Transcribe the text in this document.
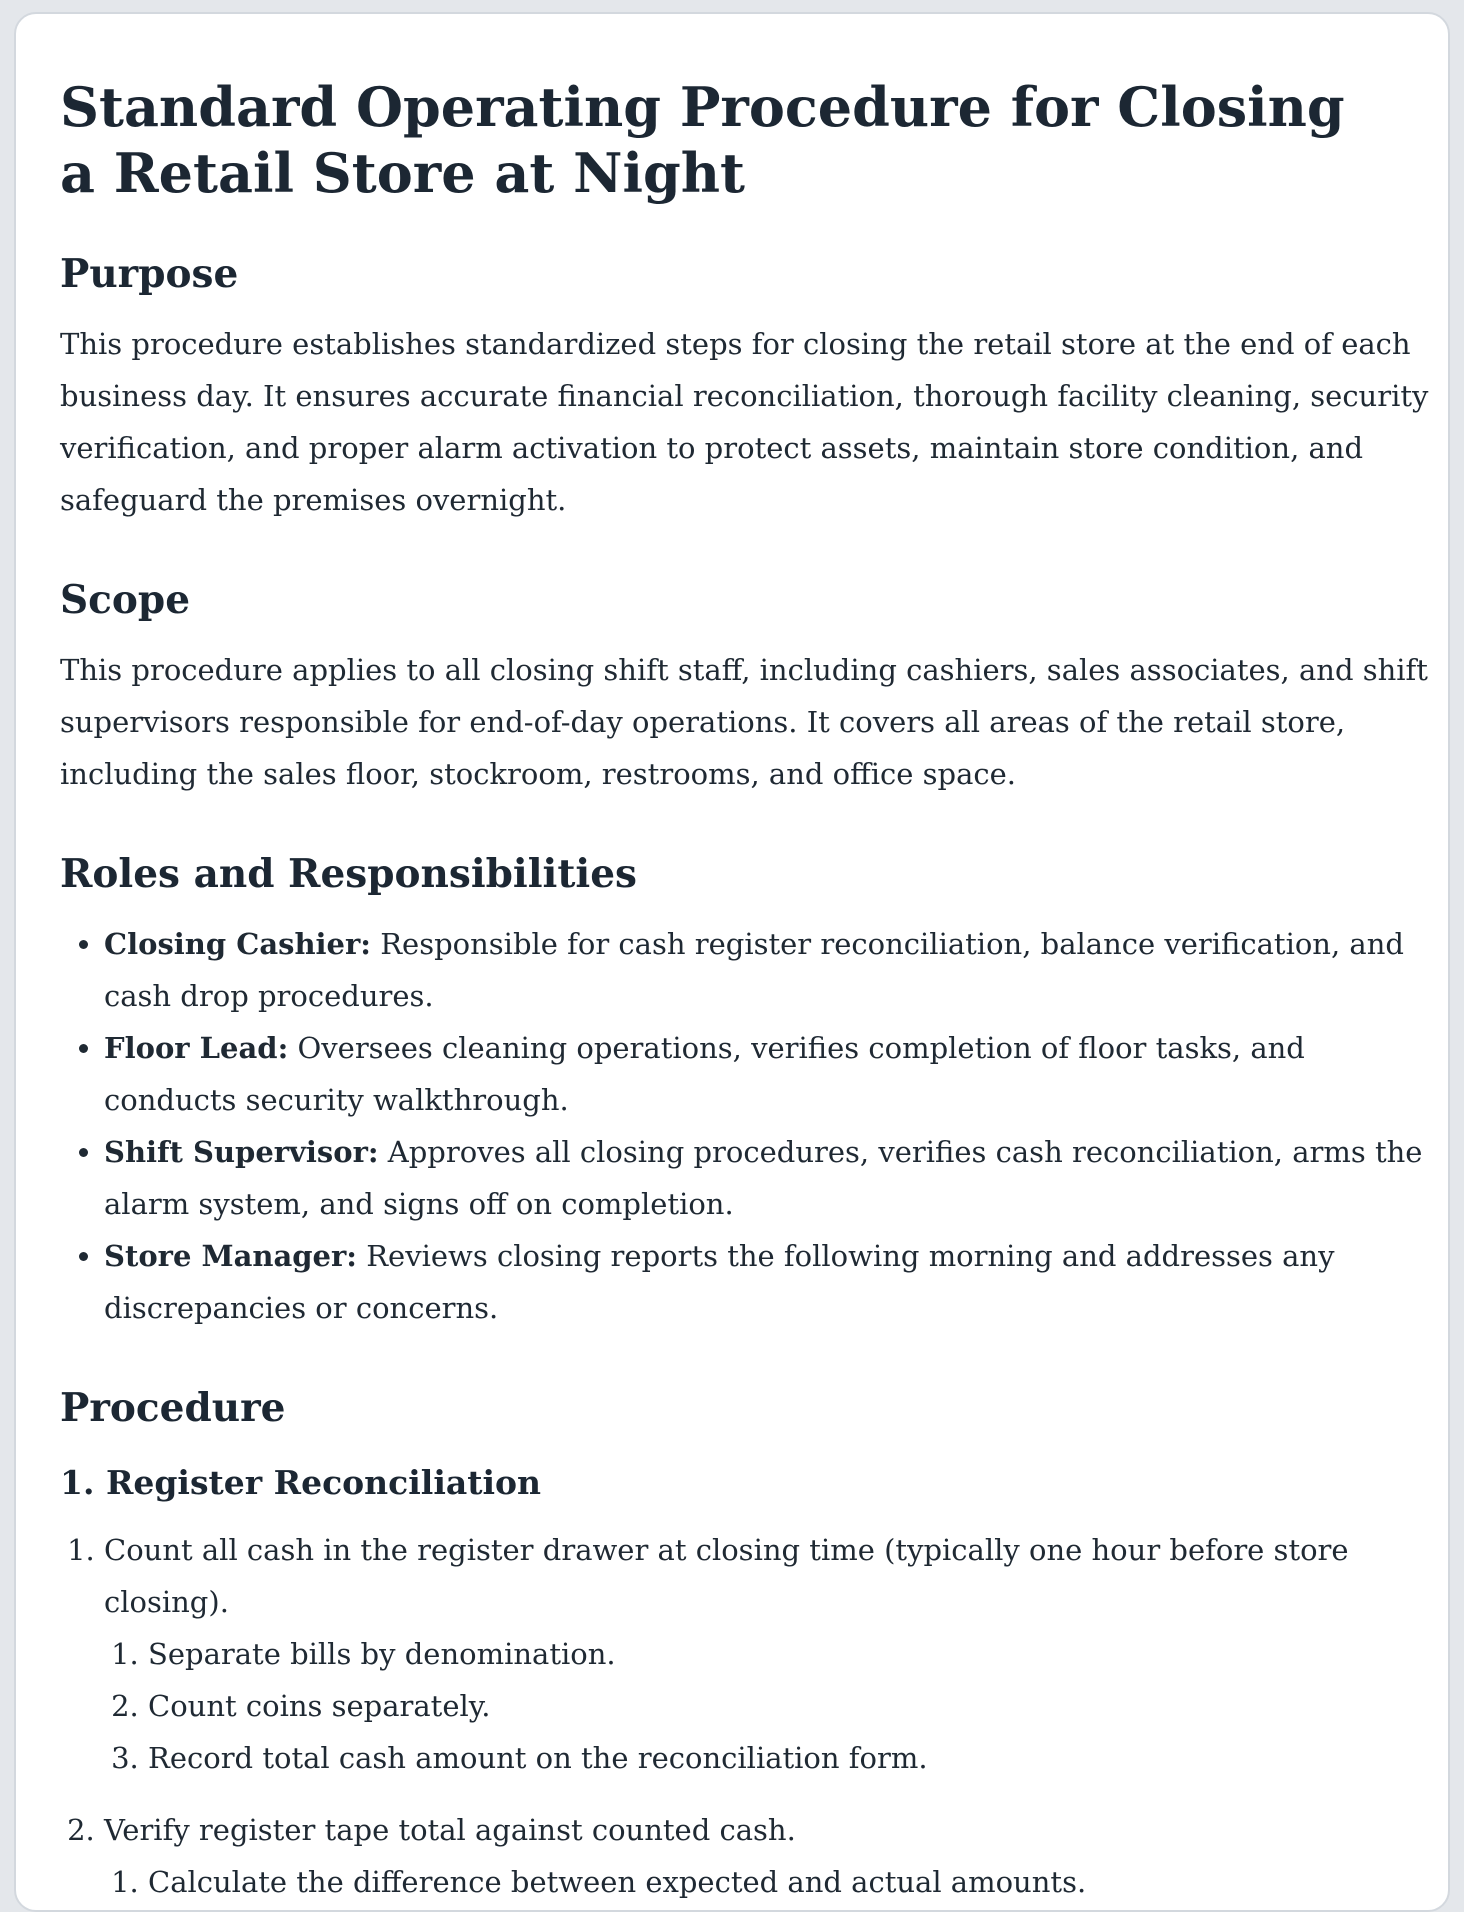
Standard Operating Procedure for Closing a Retail Store at Night
Purpose

This procedure establishes standardized steps for closing the retail store at the end of each business day. It ensures accurate financial reconciliation, thorough facility cleaning, security verification, and proper alarm activation to protect assets, maintain store condition, and safeguard the premises overnight.

Scope

This procedure applies to all closing shift staff, including cashiers, sales associates, and shift supervisors responsible for end-of-day operations. It covers all areas of the retail store, including the sales floor, stockroom, restrooms, and office space.

Roles and Responsibilities
• Closing Cashier: Responsible for cash register reconciliation, balance verification, and cash drop procedures.
• Floor Lead: Oversees cleaning operations, verifies completion of floor tasks, and conducts security walkthrough.
• Shift Supervisor: Approves all closing procedures, verifies cash reconciliation, arms the alarm system, and signs off on completion.
• Store Manager: Reviews closing reports the following morning and addresses any discrepancies or concerns.
Procedure
1. Register Reconciliation
1. Count all cash in the register drawer at closing time (typically one hour before store closing).
1. Separate bills by denomination.
2. Count coins separately.
3. Record total cash amount on the reconciliation form.
2. Verify register tape total against counted cash.
1. Calculate the difference between expected and actual amounts.
